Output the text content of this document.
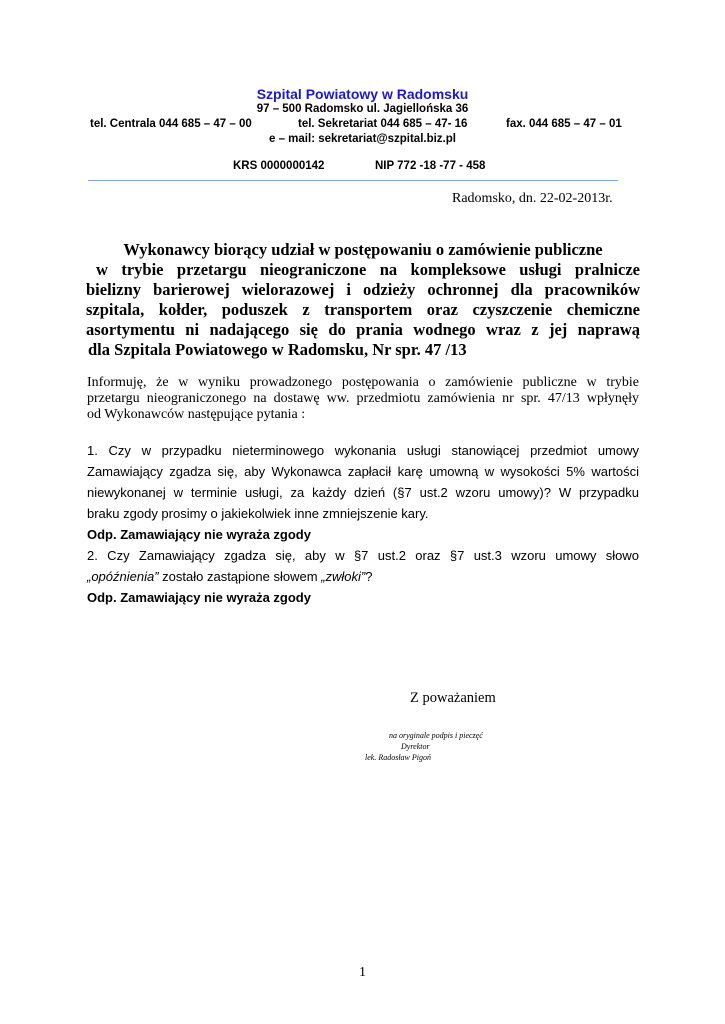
Szpital Powiatowy w Radomsku
97 – 500 Radomsko ul. Jagiellońska 36
tel. Centrala 044 685 – 47 – 00	tel. Sekretariat 044 685 – 47- 16	fax. 044 685 – 47 – 01
e – mail: sekretariat@szpital.biz.pl
KRS 0000000142	NIP 772 -18 -77 - 458
Radomsko, dn. 22-02-2013r.
Wykonawcy biorący udział w postępowaniu o zamówienie publiczne
w trybie przetargu nieograniczone na kompleksowe usługi pralnicze
bielizny barierowej wielorazowej i odzieży ochronnej dla pracowników
szpitala, kołder, poduszek z transportem oraz czyszczenie chemiczne
asortymentu ni nadającego się do prania wodnego wraz z jej naprawą
dla Szpitala Powiatowego w Radomsku, Nr spr. 47 /13
Informuję, że w wyniku prowadzonego postępowania o zamówienie publiczne w trybie
przetargu nieograniczonego na dostawę ww. przedmiotu zamówienia nr spr. 47/13 wpłynęły
od Wykonawców następujące pytania :
1. Czy w przypadku nieterminowego wykonania usługi stanowiącej przedmiot umowy
Zamawiający zgadza się, aby Wykonawca zapłacił karę umowną w wysokości 5% wartości
niewykonanej w terminie usługi, za każdy dzień (§7 ust.2 wzoru umowy)? W przypadku
braku zgody prosimy o jakiekolwiek inne zmniejszenie kary.
Odp. Zamawiający nie wyraża zgody
2. Czy Zamawiający zgadza się, aby w §7 ust.2 oraz §7 ust.3 wzoru umowy słowo
„opóźnienia” zostało zastąpione słowem „zwłoki”?
Odp. Zamawiający nie wyraża zgody
Z poważaniem
na oryginale podpis i pieczęć
Dyrektor
lek. Radosław Pigoń
1
